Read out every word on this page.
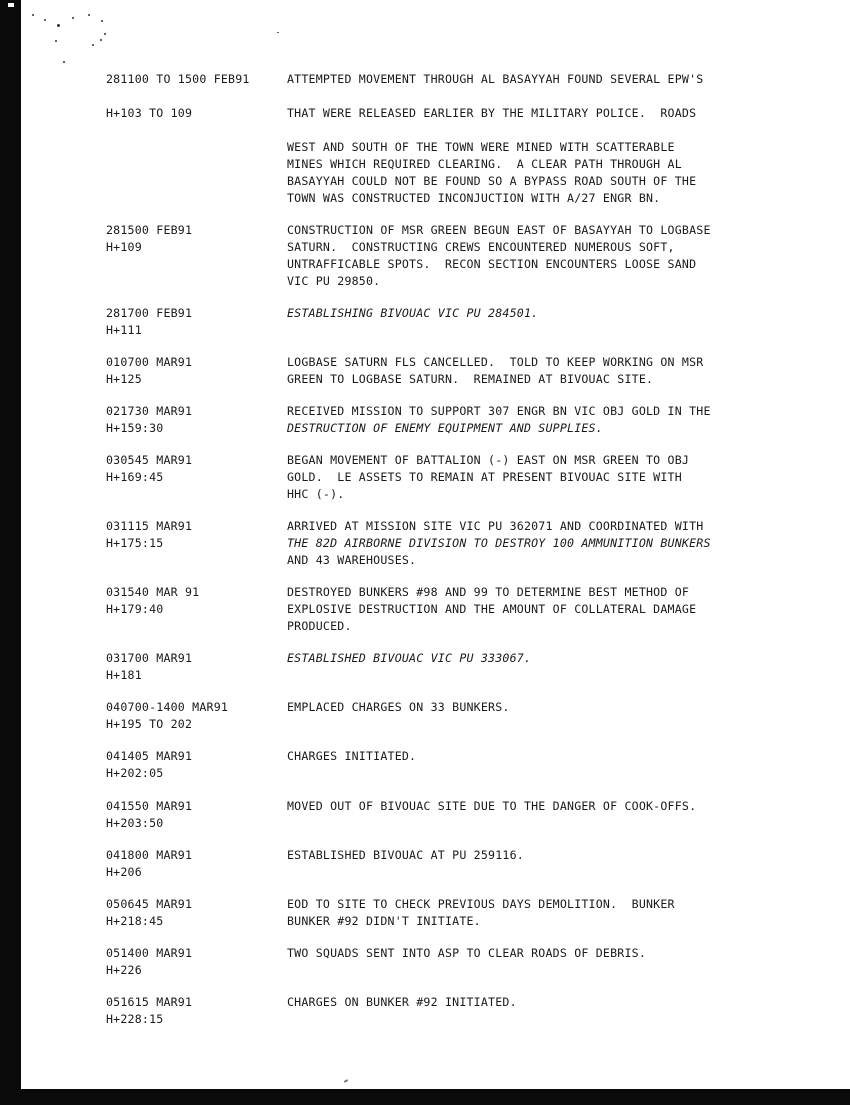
281100 TO 1500 FEB91
H+103 TO 109
ATTEMPTED MOVEMENT THROUGH AL BASAYYAH FOUND SEVERAL EPW'S
THAT WERE RELEASED EARLIER BY THE MILITARY POLICE.  ROADS
WEST AND SOUTH OF THE TOWN WERE MINED WITH SCATTERABLE
MINES WHICH REQUIRED CLEARING.  A CLEAR PATH THROUGH AL
BASAYYAH COULD NOT BE FOUND SO A BYPASS ROAD SOUTH OF THE
TOWN WAS CONSTRUCTED INCONJUCTION WITH A/27 ENGR BN.
281500 FEB91
H+109
CONSTRUCTION OF MSR GREEN BEGUN EAST OF BASAYYAH TO LOGBASE
SATURN.  CONSTRUCTING CREWS ENCOUNTERED NUMEROUS SOFT,
UNTRAFFICABLE SPOTS.  RECON SECTION ENCOUNTERS LOOSE SAND
VIC PU 29850.
281700 FEB91
H+111
ESTABLISHING BIVOUAC VIC PU 284501.
010700 MAR91
H+125
LOGBASE SATURN FLS CANCELLED.  TOLD TO KEEP WORKING ON MSR
GREEN TO LOGBASE SATURN.  REMAINED AT BIVOUAC SITE.
021730 MAR91
H+159:30
RECEIVED MISSION TO SUPPORT 307 ENGR BN VIC OBJ GOLD IN THE
DESTRUCTION OF ENEMY EQUIPMENT AND SUPPLIES.
030545 MAR91
H+169:45
BEGAN MOVEMENT OF BATTALION (-) EAST ON MSR GREEN TO OBJ
GOLD.  LE ASSETS TO REMAIN AT PRESENT BIVOUAC SITE WITH
HHC (-).
031115 MAR91
H+175:15
ARRIVED AT MISSION SITE VIC PU 362071 AND COORDINATED WITH
THE 82D AIRBORNE DIVISION TO DESTROY 100 AMMUNITION BUNKERS
AND 43 WAREHOUSES.
031540 MAR 91
H+179:40
DESTROYED BUNKERS #98 AND 99 TO DETERMINE BEST METHOD OF
EXPLOSIVE DESTRUCTION AND THE AMOUNT OF COLLATERAL DAMAGE
PRODUCED.
031700 MAR91
H+181
ESTABLISHED BIVOUAC VIC PU 333067.
040700-1400 MAR91
H+195 TO 202
EMPLACED CHARGES ON 33 BUNKERS.
041405 MAR91
H+202:05
CHARGES INITIATED.
041550 MAR91
H+203:50
MOVED OUT OF BIVOUAC SITE DUE TO THE DANGER OF COOK-OFFS.
041800 MAR91
H+206
ESTABLISHED BIVOUAC AT PU 259116.
050645 MAR91
H+218:45
EOD TO SITE TO CHECK PREVIOUS DAYS DEMOLITION.  BUNKER
BUNKER #92 DIDN'T INITIATE.
051400 MAR91
H+226
TWO SQUADS SENT INTO ASP TO CLEAR ROADS OF DEBRIS.
051615 MAR91
H+228:15
CHARGES ON BUNKER #92 INITIATED.
